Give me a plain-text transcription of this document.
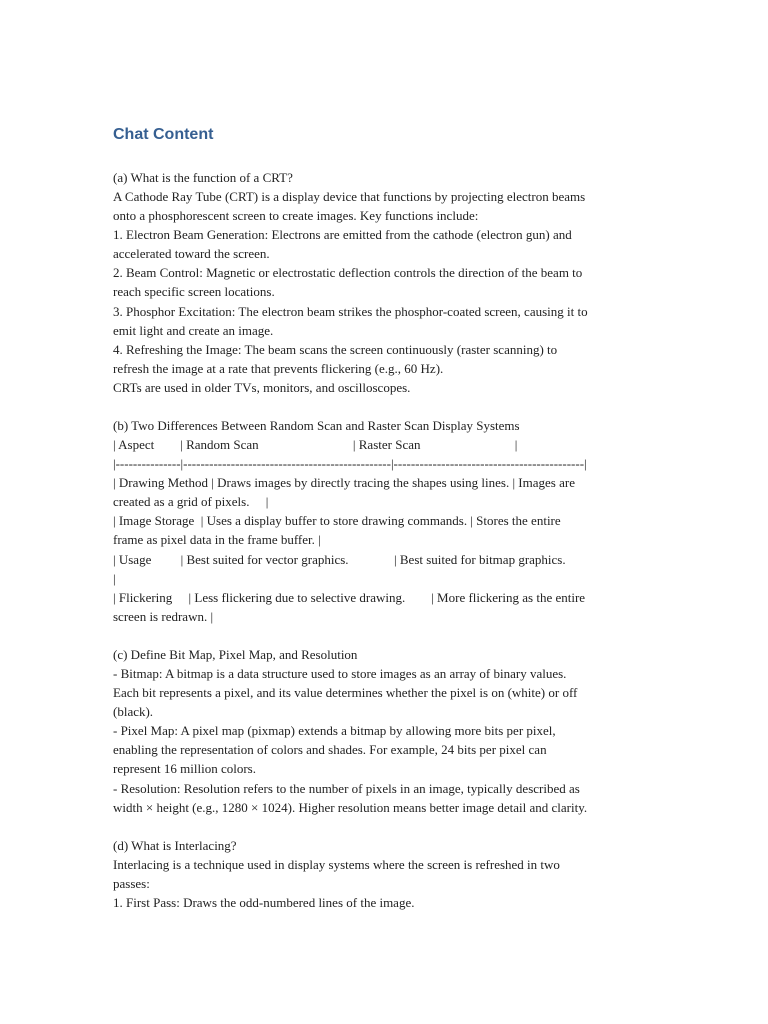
Chat Content
(a) What is the function of a CRT?
A Cathode Ray Tube (CRT) is a display device that functions by projecting electron beams
onto a phosphorescent screen to create images. Key functions include:
1. Electron Beam Generation: Electrons are emitted from the cathode (electron gun) and
accelerated toward the screen.
2. Beam Control: Magnetic or electrostatic deflection controls the direction of the beam to
reach specific screen locations.
3. Phosphor Excitation: The electron beam strikes the phosphor-coated screen, causing it to
emit light and create an image.
4. Refreshing the Image: The beam scans the screen continuously (raster scanning) to
refresh the image at a rate that prevents flickering (e.g., 60 Hz).
CRTs are used in older TVs, monitors, and oscilloscopes.
(b) Two Differences Between Random Scan and Raster Scan Display Systems
| Aspect        | Random Scan                             | Raster Scan                             |
|---------------|------------------------------------------------|--------------------------------------------|
| Drawing Method | Draws images by directly tracing the shapes using lines. | Images are
created as a grid of pixels.     |
| Image Storage  | Uses a display buffer to store drawing commands. | Stores the entire
frame as pixel data in the frame buffer. |
| Usage         | Best suited for vector graphics.              | Best suited for bitmap graphics.
|
| Flickering     | Less flickering due to selective drawing.        | More flickering as the entire
screen is redrawn. |
(c) Define Bit Map, Pixel Map, and Resolution
- Bitmap: A bitmap is a data structure used to store images as an array of binary values.
Each bit represents a pixel, and its value determines whether the pixel is on (white) or off
(black).
- Pixel Map: A pixel map (pixmap) extends a bitmap by allowing more bits per pixel,
enabling the representation of colors and shades. For example, 24 bits per pixel can
represent 16 million colors.
- Resolution: Resolution refers to the number of pixels in an image, typically described as
width × height (e.g., 1280 × 1024). Higher resolution means better image detail and clarity.
(d) What is Interlacing?
Interlacing is a technique used in display systems where the screen is refreshed in two
passes:
1. First Pass: Draws the odd-numbered lines of the image.
